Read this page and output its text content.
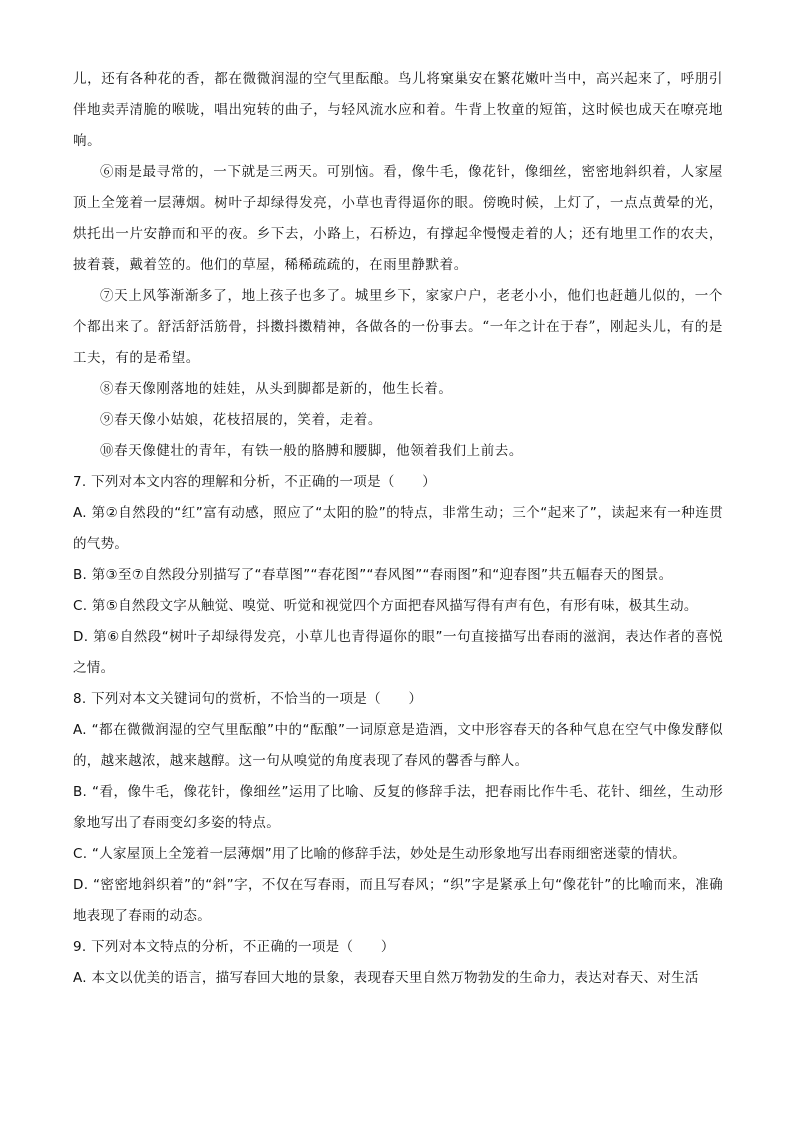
儿，还有各种花的香，都在微微润湿的空气里酝酿。鸟儿将窠巢安在繁花嫩叶当中，高兴起来了，呼朋引伴地卖弄清脆的喉咙，唱出宛转的曲子，与轻风流水应和着。牛背上牧童的短笛，这时候也成天在嘹亮地响。

⑥雨是最寻常的，一下就是三两天。可别恼。看，像牛毛，像花针，像细丝，密密地斜织着，人家屋顶上全笼着一层薄烟。树叶子却绿得发亮，小草也青得逼你的眼。傍晚时候，上灯了，一点点黄晕的光，烘托出一片安静而和平的夜。乡下去，小路上，石桥边，有撑起伞慢慢走着的人；还有地里工作的农夫，披着蓑，戴着笠的。他们的草屋，稀稀疏疏的，在雨里静默着。

⑦天上风筝渐渐多了，地上孩子也多了。城里乡下，家家户户，老老小小，他们也赶趟儿似的，一个个都出来了。舒活舒活筋骨，抖擞抖擞精神，各做各的一份事去。“一年之计在于春”，刚起头儿，有的是工夫，有的是希望。

⑧春天像刚落地的娃娃，从头到脚都是新的，他生长着。

⑨春天像小姑娘，花枝招展的，笑着，走着。

⑩春天像健壮的青年，有铁一般的胳膊和腰脚，他领着我们上前去。

7. 下列对本文内容的理解和分析，不正确的一项是（　　）

A. 第②自然段的“红”富有动感，照应了“太阳的脸”的特点，非常生动；三个“起来了”，读起来有一种连贯的气势。

B. 第③至⑦自然段分别描写了“春草图”“春花图”“春风图”“春雨图”和“迎春图”共五幅春天的图景。

C. 第⑤自然段文字从触觉、嗅觉、听觉和视觉四个方面把春风描写得有声有色，有形有味，极其生动。

D. 第⑥自然段“树叶子却绿得发亮，小草儿也青得逼你的眼”一句直接描写出春雨的滋润，表达作者的喜悦之情。

8. 下列对本文关键词句的赏析，不恰当的一项是（　　）

A. “都在微微润湿的空气里酝酿”中的“酝酿”一词原意是造酒，文中形容春天的各种气息在空气中像发酵似的，越来越浓，越来越醇。这一句从嗅觉的角度表现了春风的馨香与醉人。

B. “看，像牛毛，像花针，像细丝”运用了比喻、反复的修辞手法，把春雨比作牛毛、花针、细丝，生动形象地写出了春雨变幻多姿的特点。

C. “人家屋顶上全笼着一层薄烟”用了比喻的修辞手法，妙处是生动形象地写出春雨细密迷蒙的情状。

D. “密密地斜织着”的“斜”字，不仅在写春雨，而且写春风；“织”字是紧承上句“像花针”的比喻而来，准确地表现了春雨的动态。

9. 下列对本文特点的分析，不正确的一项是（　　）

A. 本文以优美的语言，描写春回大地的景象，表现春天里自然万物勃发的生命力，表达对春天、对生活
